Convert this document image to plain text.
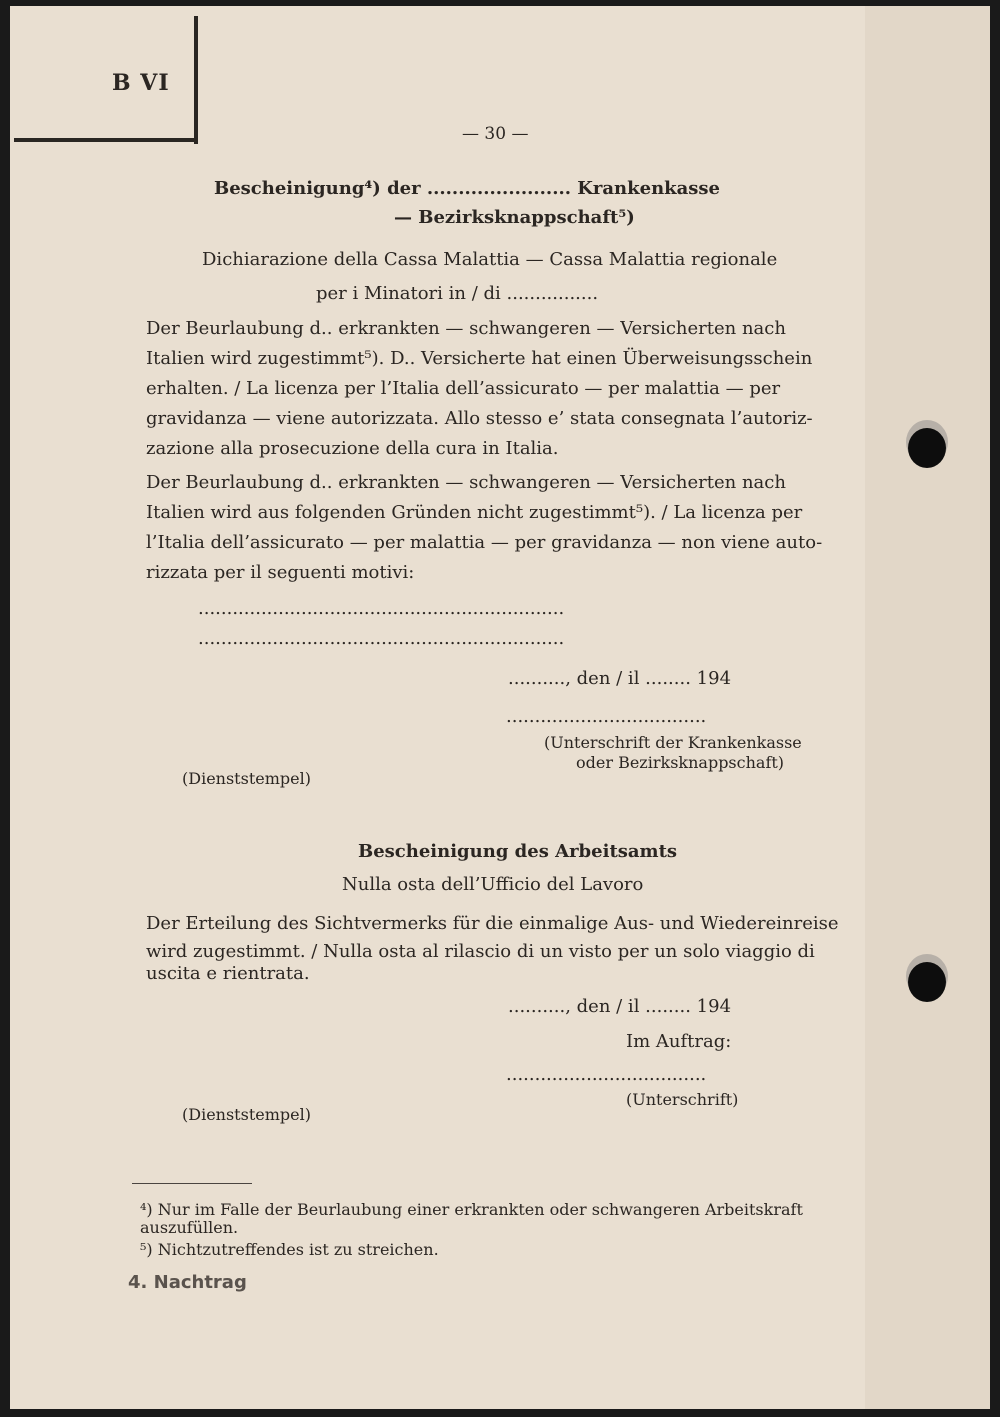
B VI
— 30 —
Bescheinigung⁴) der ....................... Krankenkasse
— Bezirksknappschaft⁵)
Dichiarazione della Cassa Malattia — Cassa Malattia regionale
per i Minatori in / di ................
Der Beurlaubung d.. erkrankten — schwangeren — Versicherten nach
Italien wird zugestimmt⁵). D.. Versicherte hat einen Überweisungsschein
erhalten. / La licenza per l’Italia dell’assicurato — per malattia — per
gravidanza — viene autorizzata. Allo stesso e’ stata consegnata l’autoriz-
zazione alla prosecuzione della cura in Italia.
Der Beurlaubung d.. erkrankten — schwangeren — Versicherten nach
Italien wird aus folgenden Gründen nicht zugestimmt⁵). / La licenza per
l’Italia dell’assicurato — per malattia — per gravidanza — non viene auto-
rizzata per il seguenti motivi:
................................................................
................................................................
.........., den / il ........ 194
...................................
(Unterschrift der Krankenkasse
oder Bezirksknappschaft)
(Dienststempel)
Bescheinigung des Arbeitsamts
Nulla osta dell’Ufficio del Lavoro
Der Erteilung des Sichtvermerks für die einmalige Aus- und Wiedereinreise
wird zugestimmt. / Nulla osta al rilascio di un visto per un solo viaggio di
uscita e rientrata.
.........., den / il ........ 194
Im Auftrag:
...................................
(Unterschrift)
(Dienststempel)
⁴) Nur im Falle der Beurlaubung einer erkrankten oder schwangeren Arbeitskraft
auszufüllen.
⁵) Nichtzutreffendes ist zu streichen.
4. Nachtrag
